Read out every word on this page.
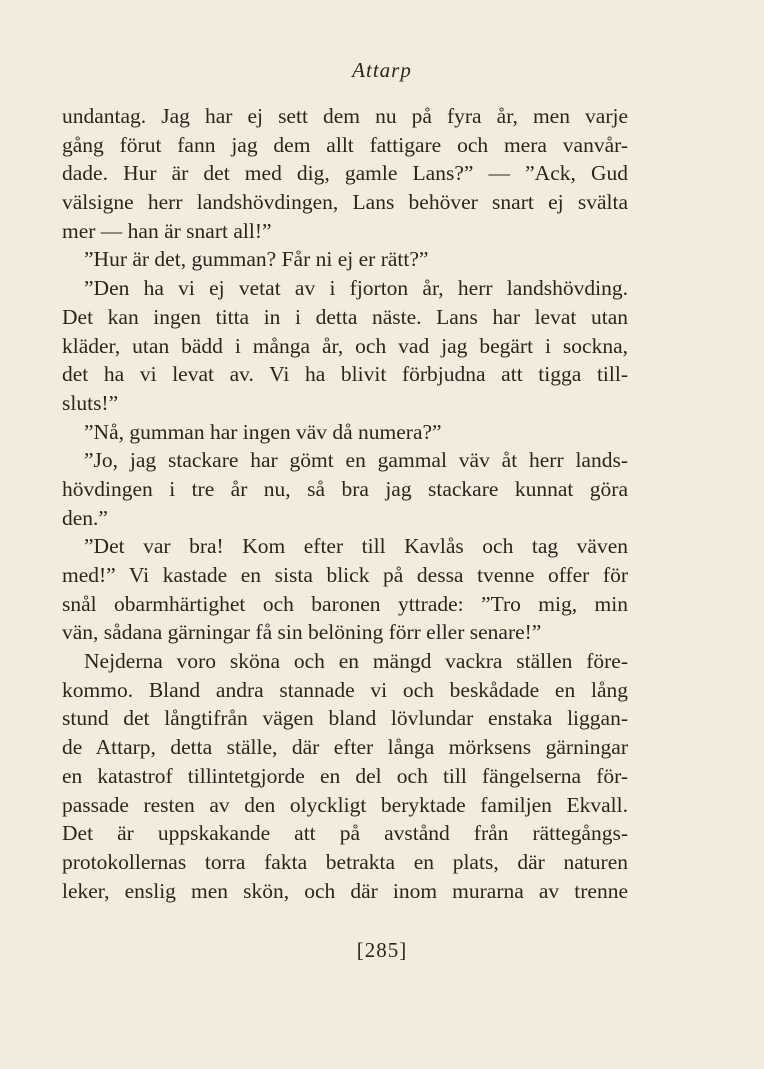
Attarp
undantag. Jag har ej sett dem nu på fyra år, men varje
gång förut fann jag dem allt fattigare och mera vanvår-
dade. Hur är det med dig, gamle Lans?” — ”Ack, Gud
välsigne herr landshövdingen, Lans behöver snart ej svälta
mer — han är snart all!”
”Hur är det, gumman? Får ni ej er rätt?”
”Den ha vi ej vetat av i fjorton år, herr landshövding.
Det kan ingen titta in i detta näste. Lans har levat utan
kläder, utan bädd i många år, och vad jag begärt i sockna,
det ha vi levat av. Vi ha blivit förbjudna att tigga till-
sluts!”
”Nå, gumman har ingen väv då numera?”
”Jo, jag stackare har gömt en gammal väv åt herr lands-
hövdingen i tre år nu, så bra jag stackare kunnat göra
den.”
”Det var bra! Kom efter till Kavlås och tag väven
med!” Vi kastade en sista blick på dessa tvenne offer för
snål obarmhärtighet och baronen yttrade: ”Tro mig, min
vän, sådana gärningar få sin belöning förr eller senare!”
Nejderna voro sköna och en mängd vackra ställen före-
kommo. Bland andra stannade vi och beskådade en lång
stund det långtifrån vägen bland lövlundar enstaka liggan-
de Attarp, detta ställe, där efter långa mörksens gärningar
en katastrof tillintetgjorde en del och till fängelserna för-
passade resten av den olyckligt beryktade familjen Ekvall.
Det är uppskakande att på avstånd från rättegångs-
protokollernas torra fakta betrakta en plats, där naturen
leker, enslig men skön, och där inom murarna av trenne
[285]
